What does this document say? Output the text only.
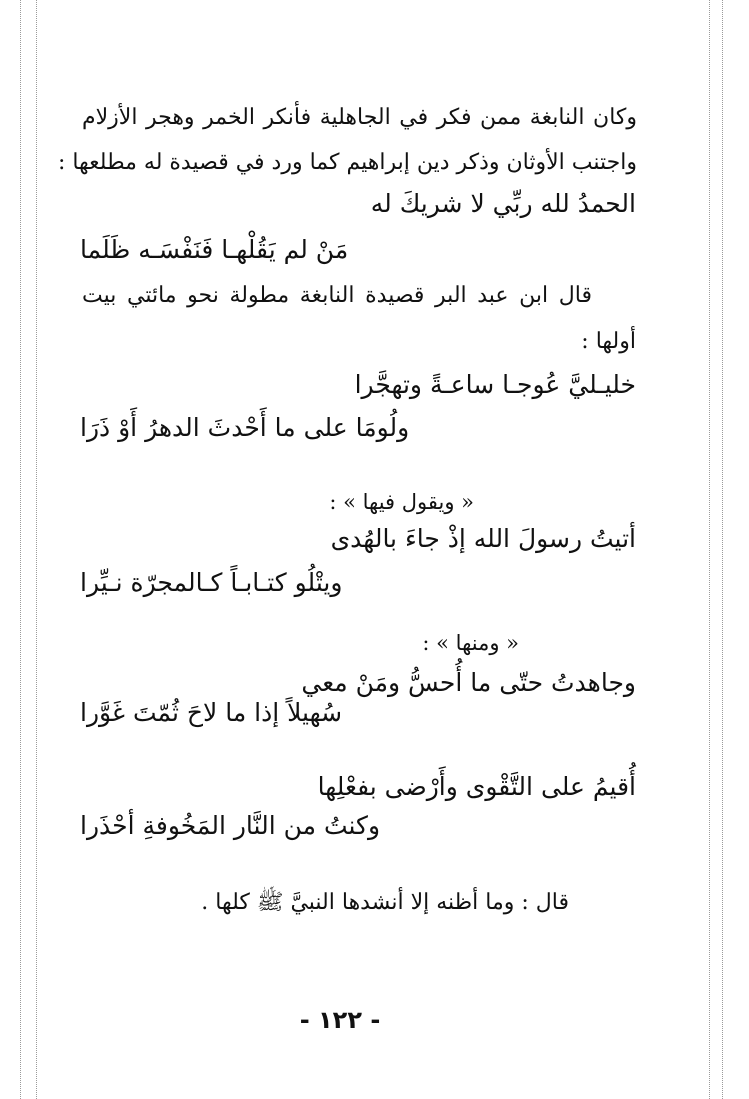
وكان النابغة ممن فكر في الجاهلية فأنكر الخمر وهجر الأزلام
واجتنب الأوثان وذكر دين إبراهيم كما ورد في قصيدة له مطلعها :
الحمدُ لله ربِّي لا شريكَ له
مَنْ لم يَقُلْهـا فَنَفْسَـه ظَلَما
قال ابن عبد البر قصيدة النابغة مطولة نحو مائتي بيت
أولها :
خليـليَّ عُوجـا ساعـةً وتهجَّرا
ولُومَا على ما أَحْدثَ الدهرُ أَوْ ذَرَا
« ويقول فيها » :
أتيتُ رسولَ الله إذْ جاءَ بالهُدى
ويتْلُو كتـابـاً كـالمجرّة نـيِّرا
« ومنها » :
وجاهدتُ حتّى ما أُحسُّ ومَنْ معي
سُهيلاً إذا ما لاحَ ثُمّتَ غَوَّرا
أُقيمُ على التَّقْوى وأَرْضى بفعْلِها
وكنتُ من النَّار المَخُوفةِ أحْذَرا
قال : وما أظنه إلا أنشدها النبيَّ ﷺ كلها .
- ١٢٢ -
